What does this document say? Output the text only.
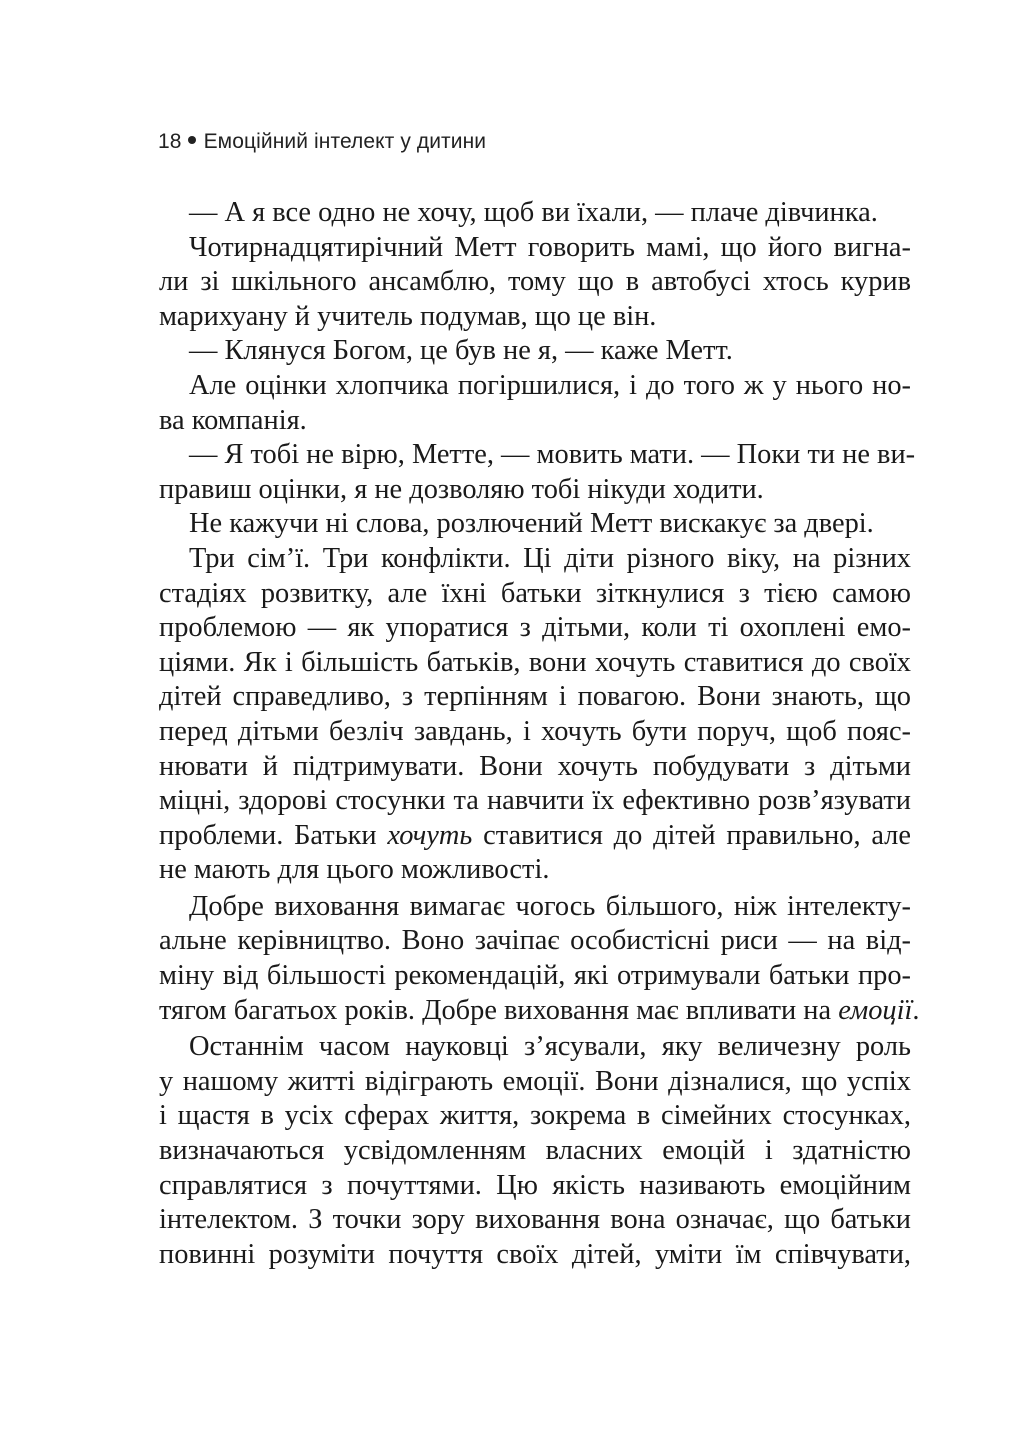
18 Емоційний інтелект у дитини
— А я все одно не хочу, щоб ви їхали, — плаче дівчинка.
Чотирнадцятирічний Метт говорить мамі, що його вигна-
ли зі шкільного ансамблю, тому що в автобусі хтось курив
марихуану й учитель подумав, що це він.
— Клянуся Богом, це був не я, — каже Метт.
Але оцінки хлопчика погіршилися, і до того ж у нього но-
ва компанія.
— Я тобі не вірю, Метте, — мовить мати. — Поки ти не ви-
правиш оцінки, я не дозволяю тобі нікуди ходити.
Не кажучи ні слова, розлючений Метт вискакує за двері.
Три сім’ї. Три конфлікти. Ці діти різного віку, на різних
стадіях розвитку, але їхні батьки зіткнулися з тією самою
проблемою — як упоратися з дітьми, коли ті охоплені емо-
ціями. Як і більшість батьків, вони хочуть ставитися до своїх
дітей справедливо, з терпінням і повагою. Вони знають, що
перед дітьми безліч завдань, і хочуть бути поруч, щоб пояс-
нювати й підтримувати. Вони хочуть побудувати з дітьми
міцні, здорові стосунки та навчити їх ефективно розв’язувати
проблеми. Батьки хочуть ставитися до дітей правильно, але
не мають для цього можливості.
Добре виховання вимагає чогось більшого, ніж інтелекту-
альне керівництво. Воно зачіпає особистісні риси — на від-
міну від більшості рекомендацій, які отримували батьки про-
тягом багатьох років. Добре виховання має впливати на емоції.
Останнім часом науковці з’ясували, яку величезну роль
у нашому житті відіграють емоції. Вони дізналися, що успіх
і щастя в усіх сферах життя, зокрема в сімейних стосунках,
визначаються усвідомленням власних емоцій і здатністю
справлятися з почуттями. Цю якість називають емоційним
інтелектом. З точки зору виховання вона означає, що батьки
повинні розуміти почуття своїх дітей, уміти їм співчувати,
